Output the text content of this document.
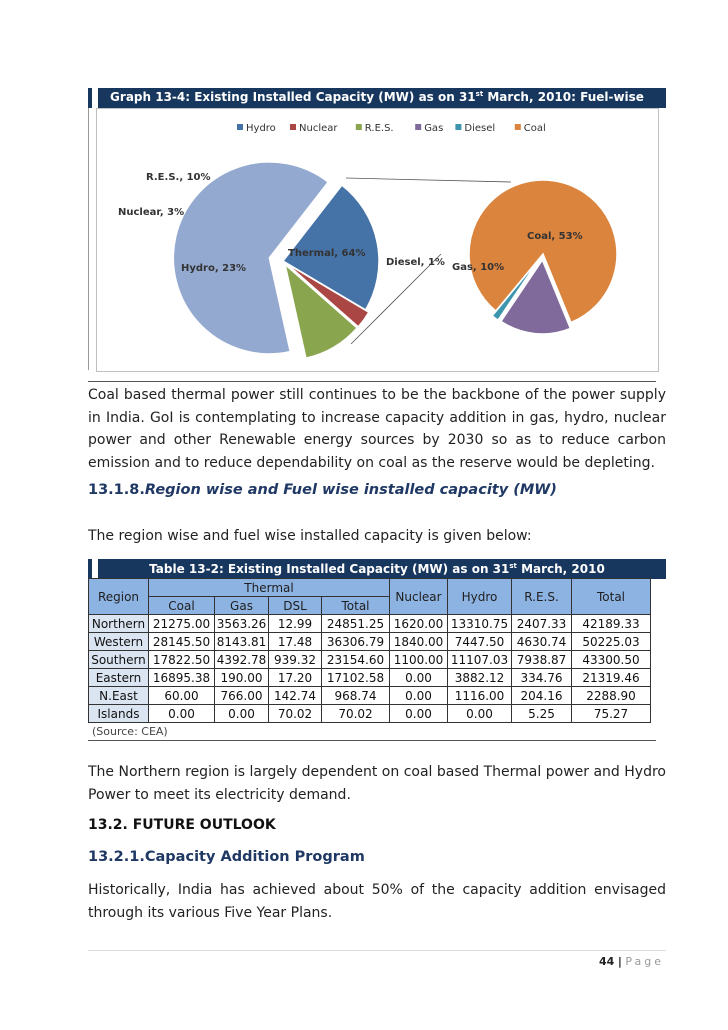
Graph 13-4: Existing Installed Capacity (MW) as on 31st March, 2010: Fuel-wise
Hydro Nuclear	R.E.S.	Gas Diesel	Coal
R.E.S., 10%
Nuclear, 3%
Hydro, 23%
Thermal, 64%
Coal, 53%
Diesel, 1% Gas, 10%
Coal based thermal power still continues to be the backbone of the power supply in India. GoI is contemplating to increase capacity addition in gas, hydro, nuclear power and other Renewable energy sources by 2030 so as to reduce carbon emission and to reduce dependability on coal as the reserve would be depleting.
13.1.8.Region wise and Fuel wise installed capacity (MW)
The region wise and fuel wise installed capacity is given below:
Table 13-2: Existing Installed Capacity (MW) as on 31st March, 2010
Region	Thermal				Nuclear	Hydro	R.E.S.	Total
	Coal	Gas	DSL	Total				
Northern	21275.00	3563.26	12.99	24851.25	1620.00	13310.75	2407.33	42189.33
Western	28145.50	8143.81	17.48	36306.79	1840.00	7447.50	4630.74	50225.03
Southern	17822.50	4392.78	939.32	23154.60	1100.00	11107.03	7938.87	43300.50
Eastern	16895.38	190.00	17.20	17102.58	0.00	3882.12	334.76	21319.46
N.East	60.00	766.00	142.74	968.74	0.00	1116.00	204.16	2288.90
Islands	0.00	0.00	70.02	70.02	0.00	0.00	5.25	75.27
(Source: CEA)
The Northern region is largely dependent on coal based Thermal power and Hydro Power to meet its electricity demand.
13.2. FUTURE OUTLOOK
13.2.1.Capacity Addition Program
Historically, India has achieved about 50% of the capacity addition envisaged through its various Five Year Plans.
44 | Page
